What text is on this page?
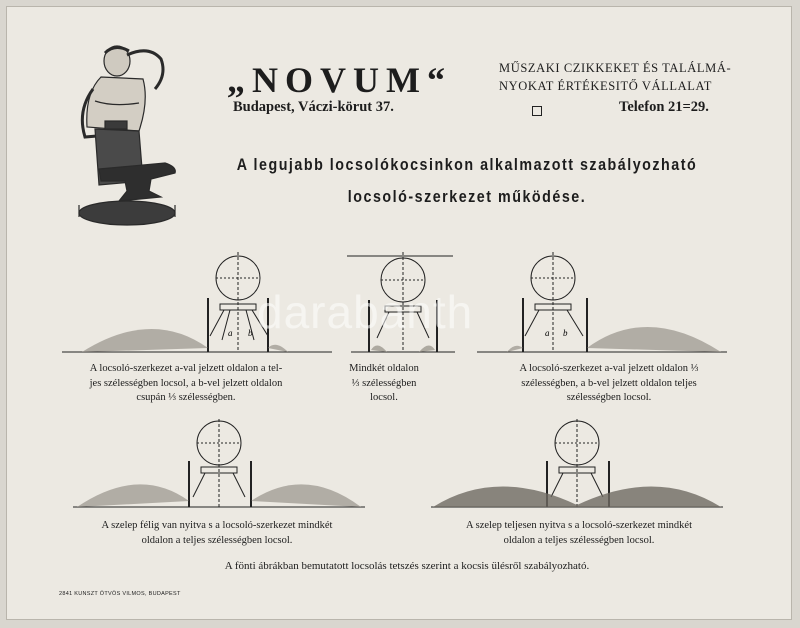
„NOVUM“	MŰSZAKI CZIKKEKET ÉS TALÁLMÁ-
NYOKAT ÉRTÉKESITŐ VÁLLALAT
Budapest, Váczi-körut 37.	Telefon 21=29.
A legujabb locsolókocsinkon alkalmazott szabályozható
locsoló-szerkezet működése.
a b	a b
A locsoló-szerkezet a-val jelzett oldalon a tel-
jes szélességben locsol, a b-vel jelzett oldalon
csupán ⅓ szélességben.
Mindkét oldalon
⅓ szélességben
locsol.
A locsoló-szerkezet a-val jelzett oldalon ⅓
szélességben, a b-vel jelzett oldalon teljes
szélességben locsol.
A szelep félig van nyitva s a locsoló-szerkezet mindkét
oldalon a teljes szélességben locsol.
A szelep teljesen nyitva s a locsoló-szerkezet mindkét
oldalon a teljes szélességben locsol.
A fönti ábrákban bemutatott locsolás tetszés szerint a kocsis ülésről szabályozható.
2841 KUNSZT ÖTVÖS VILMOS, BUDAPEST
darabanth
